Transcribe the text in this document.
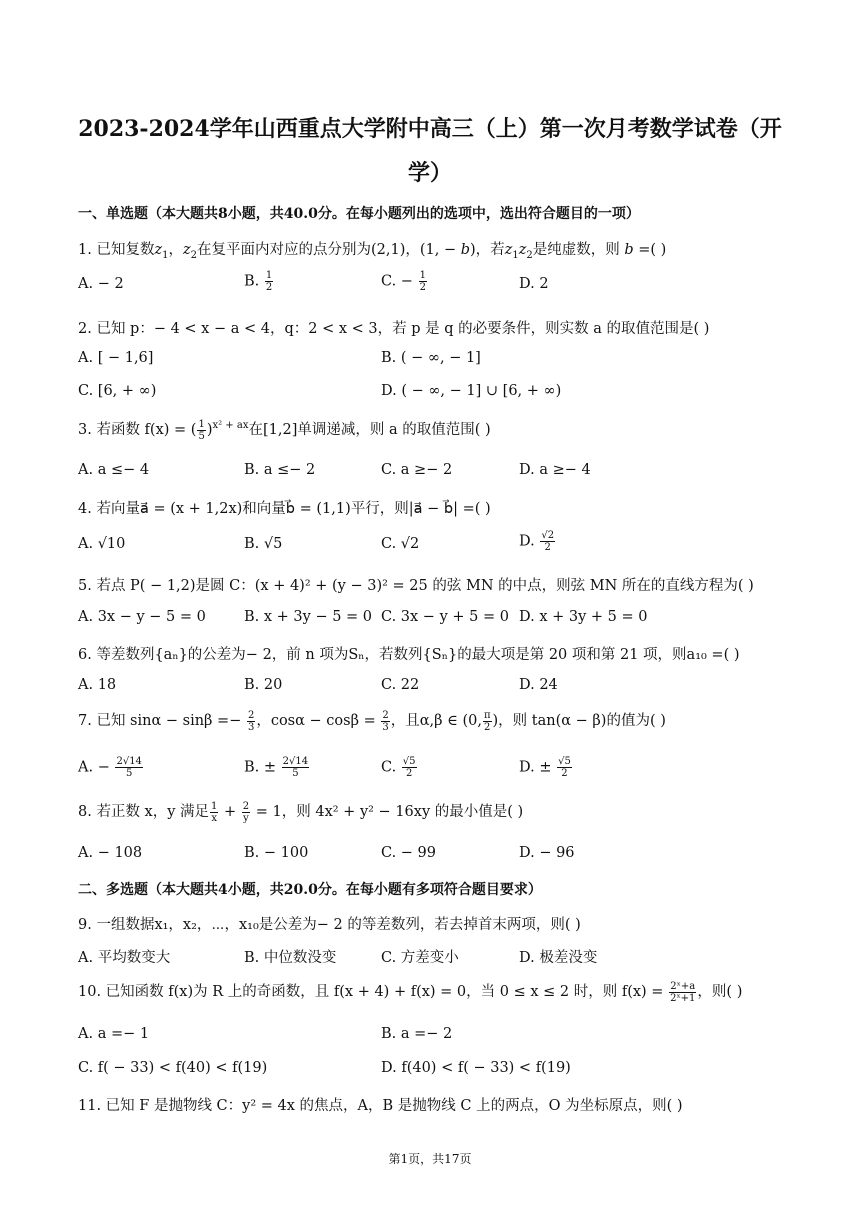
2023-2024学年山西重点大学附中高三（上）第一次月考数学试卷（开
学）
一、单选题（本大题共8小题，共40.0分。在每小题列出的选项中，选出符合题目的一项）
1. 已知复数$z_1$，$z_2$在复平面内对应的点分别为(2,1)，(1, − b)，若$z_1z_2$是纯虚数，则 b =( )
A. − 2	B. $\frac{1}{2}$	C. − $\frac{1}{2}$	D. 2
2. 已知 p：− 4 < x − a < 4，q：2 < x < 3，若 p 是 q 的必要条件，则实数 a 的取值范围是( )
A. [ − 1,6]	B. ( − ∞, − 1]
C. [6, + ∞)	D. ( − ∞, − 1] ∪ [6, + ∞)
3. 若函数 f(x) = ( $\frac{1}{5} )^{x^2 + ax}$在[1,2]单调递减，则 a 的取值范围( )
A. a ≤− 4	B. a ≤− 2	C. a ≥− 2	D. a ≥− 4
4. 若向量a⃗ = (x + 1,2x)和向量b⃗ = (1,1)平行，则|a⃗ − b⃗| =( )
A. √10	B. √5	C. √2	D. $\frac{√2}{2}$
5. 若点 P( − 1,2)是圆 C：(x + 4)² + (y − 3)² = 25 的弦 MN 的中点，则弦 MN 所在的直线方程为( )
A. 3x − y − 5 = 0	B. x + 3y − 5 = 0 C. 3x − y + 5 = 0 D. x + 3y + 5 = 0
6. 等差数列{aₙ}的公差为− 2，前 n 项为Sₙ，若数列{Sₙ}的最大项是第 20 项和第 21 项，则a₁₀ =( )
A. 18	B. 20	C. 22	D. 24
7. 已知 $\sin\alpha - \sin\beta =- \frac{2}{3}$ ，$\cos\alpha - \cos\beta = \frac{2}{3}$ ，且α,β ∈ (0, $\frac{\pi}{2}$ )，则 tan(α − β)的值为( )
A. − $\frac{2√14}{5}$	B. ± $\frac{2√14}{5}$	C. $\frac{√5}{2}$	D. ± $\frac{√5}{2}$
8. 若正数 x，y 满足 $\frac{1}{x} + \frac{2}{y} = 1$，则 4x² + y² − 16xy 的最小值是( )
A. − 108	B. − 100	C. − 99	D. − 96
二、多选题（本大题共4小题，共20.0分。在每小题有多项符合题目要求）
9. 一组数据x₁，x₂，⋯，x₁₀是公差为− 2 的等差数列，若去掉首末两项，则( )
A. 平均数变大	B. 中位数没变	C. 方差变小	D. 极差没变
10. 已知函数 f(x)为 R 上的奇函数，且 f(x + 4) + f(x) = 0，当 0 ≤ x ≤ 2 时，则 $f(x) = \frac{\text{2ˣ+a}}{\text{2ˣ+1}}$ ，则( )
A. a =− 1	B. a =− 2
C. f( − 33) < f(40) < f(19)	D. f(40) < f( − 33) < f(19)
11. 已知 F 是抛物线 C：y² = 4x 的焦点，A，B 是抛物线 C 上的两点，O 为坐标原点，则( )
第1页，共17页
